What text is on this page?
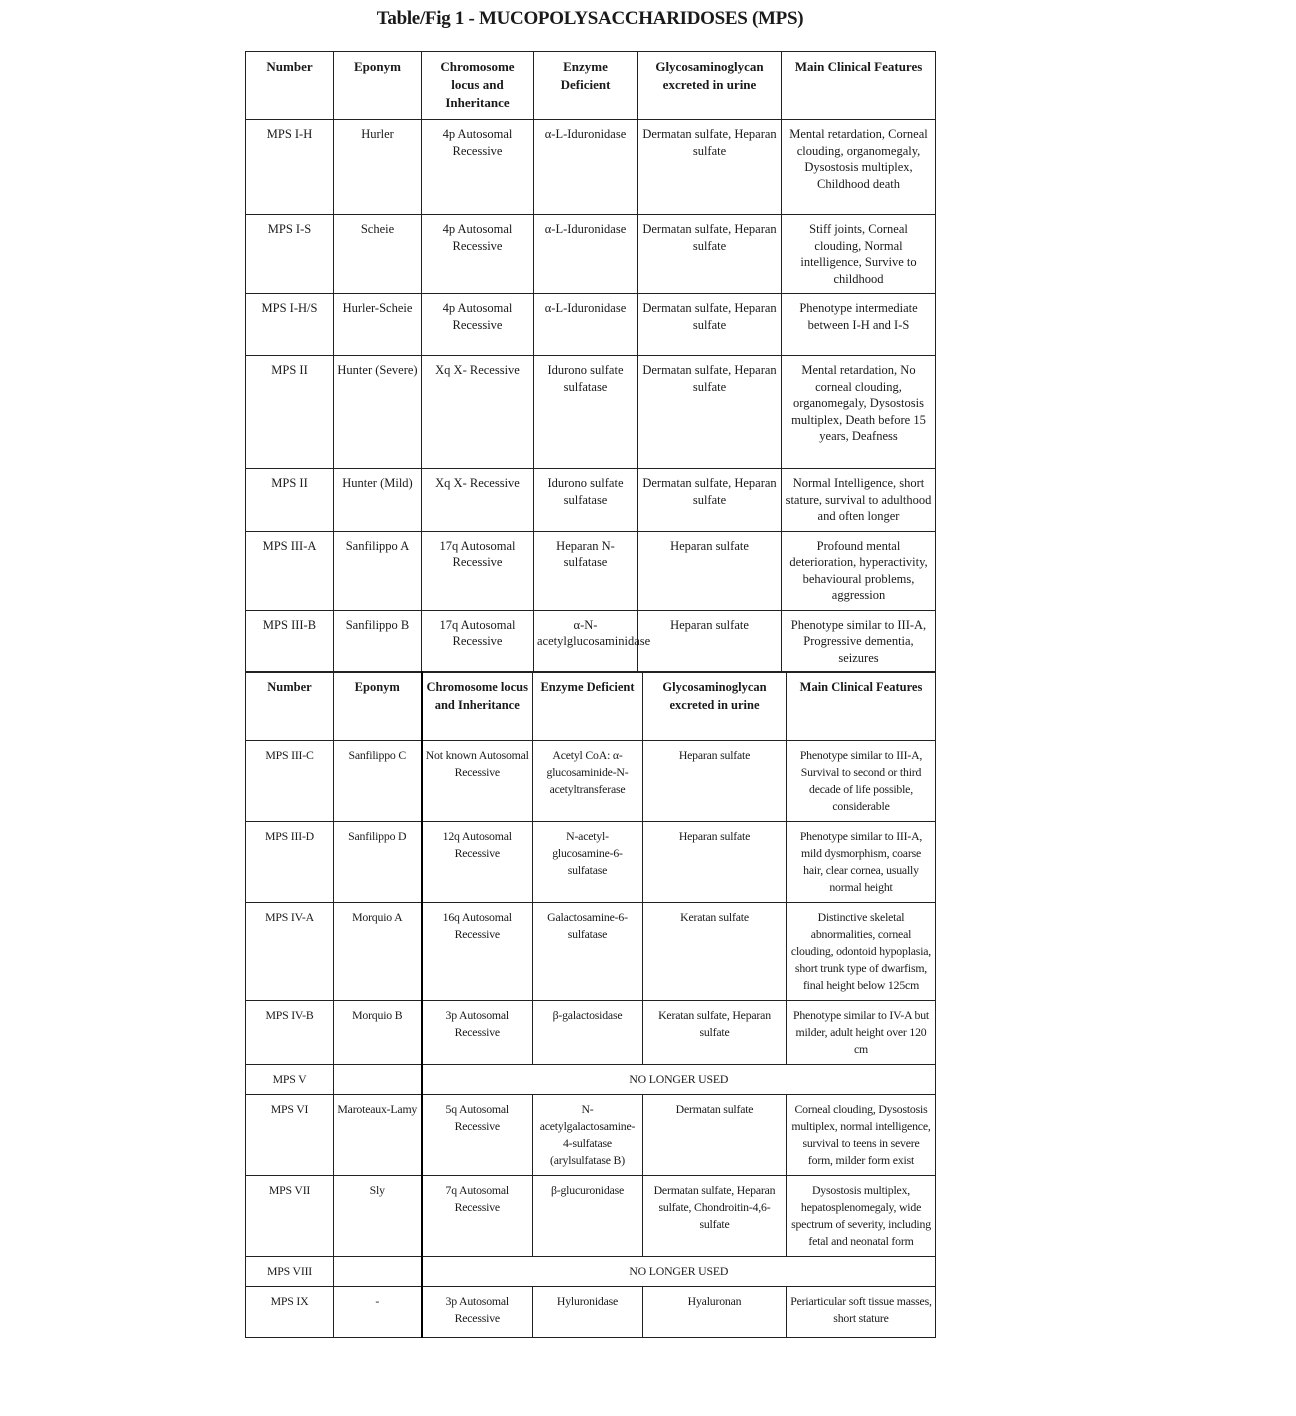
Table/Fig 1 - MUCOPOLYSACCHARIDOSES (MPS)
Number	Eponym	Chromosome locus and Inheritance	Enzyme Deficient	Glycosaminoglycan excreted in urine	Main Clinical Features
MPS I-H	Hurler	4p Autosomal Recessive	α-L-Iduronidase	Dermatan sulfate, Heparan sulfate	Mental retardation, Corneal clouding, organomegaly, Dysostosis multiplex, Childhood death
MPS I-S	Scheie	4p Autosomal Recessive	α-L-Iduronidase	Dermatan sulfate, Heparan sulfate	Stiff joints, Corneal clouding, Normal intelligence, Survive to childhood
MPS I-H/S	Hurler-Scheie	4p Autosomal Recessive	α-L-Iduronidase	Dermatan sulfate, Heparan sulfate	Phenotype intermediate between I-H and I-S
MPS II	Hunter (Severe)	Xq X- Recessive	Idurono sulfate sulfatase	Dermatan sulfate, Heparan sulfate	Mental retardation, No corneal clouding, organomegaly, Dysostosis multiplex, Death before 15 years, Deafness
MPS II	Hunter (Mild)	Xq X- Recessive	Idurono sulfate sulfatase	Dermatan sulfate, Heparan sulfate	Normal Intelligence, short stature, survival to adulthood and often longer
MPS III-A	Sanfilippo A	17q Autosomal Recessive	Heparan N-sulfatase	Heparan sulfate	Profound mental deterioration, hyperactivity, behavioural problems, aggression
MPS III-B	Sanfilippo B	17q Autosomal Recessive	α-N-acetylglucosaminidase	Heparan sulfate	Phenotype similar to III-A, Progressive dementia, seizures
Number	Eponym	Chromosome locus and Inheritance	Enzyme Deficient	Glycosaminoglycan excreted in urine	Main Clinical Features
MPS III-C	Sanfilippo C	Not known Autosomal Recessive	Acetyl CoA: α-glucosaminide-N-acetyltransferase	Heparan sulfate	Phenotype similar to III-A, Survival to second or third decade of life possible, considerable
MPS III-D	Sanfilippo D	12q Autosomal Recessive	N-acetyl-glucosamine-6-sulfatase	Heparan sulfate	Phenotype similar to III-A, mild dysmorphism, coarse hair, clear cornea, usually normal height
MPS IV-A	Morquio A	16q Autosomal Recessive	Galactosamine-6-sulfatase	Keratan sulfate	Distinctive skeletal abnormalities, corneal clouding, odontoid hypoplasia, short trunk type of dwarfism, final height below 125cm
MPS IV-B	Morquio B	3p Autosomal Recessive	β-galactosidase	Keratan sulfate, Heparan sulfate	Phenotype similar to IV-A but milder, adult height over 120 cm
MPS V		NO LONGER USED			
MPS VI	Maroteaux-Lamy	5q Autosomal Recessive	N-acetylgalactosamine-4-sulfatase (arylsulfatase B)	Dermatan sulfate	Corneal clouding, Dysostosis multiplex, normal intelligence, survival to teens in severe form, milder form exist
MPS VII	Sly	7q Autosomal Recessive	β-glucuronidase	Dermatan sulfate, Heparan sulfate, Chondroitin-4,6-sulfate	Dysostosis multiplex, hepatosplenomegaly, wide spectrum of severity, including fetal and neonatal form
MPS VIII		NO LONGER USED			
MPS IX	-	3p Autosomal Recessive	Hyluronidase	Hyaluronan	Periarticular soft tissue masses, short stature
